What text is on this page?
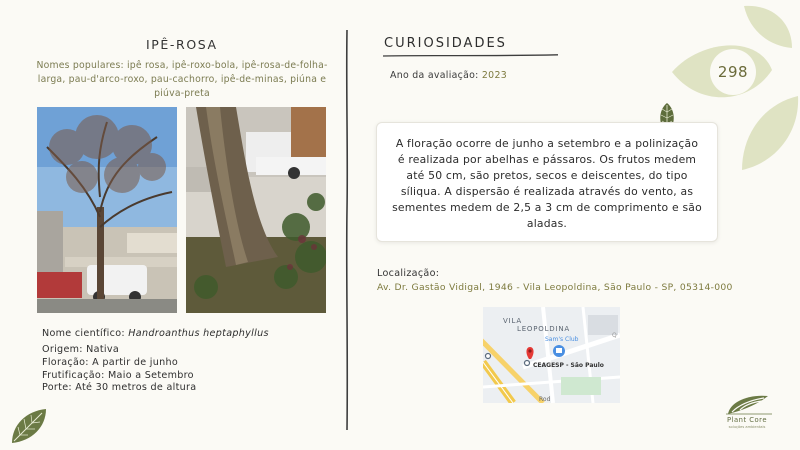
298
IPÊ-ROSA
Nomes populares: ipê rosa, ipê-roxo-bola, ipê-rosa-de-folha-larga, pau-d'arco-roxo, pau-cachorro, ipê-de-minas, piúna e piúva-preta
Nome científico: Handroanthus heptaphyllus
Origem: Nativa
Floração: A partir de junho
Frutificação: Maio a Setembro
Porte: Até 30 metros de altura
CURIOSIDADES
Ano da avaliação: 2023

A floração ocorre de junho a setembro e a polinização é realizada por abelhas e pássaros. Os frutos medem até 50 cm, são pretos, secos e deiscentes, do tipo síliqua. A dispersão é realizada através do vento, as sementes medem de 2,5 a 3 cm de comprimento e são aladas.

Localização:
Av. Dr. Gastão Vidigal, 1946 - Vila Leopoldina, São Paulo - SP, 05314-000
VILA
LEOPOLDINA
Sam's Club
CEAGESP - São Paulo
Rod
Q
Plant Core
soluções ambientais
